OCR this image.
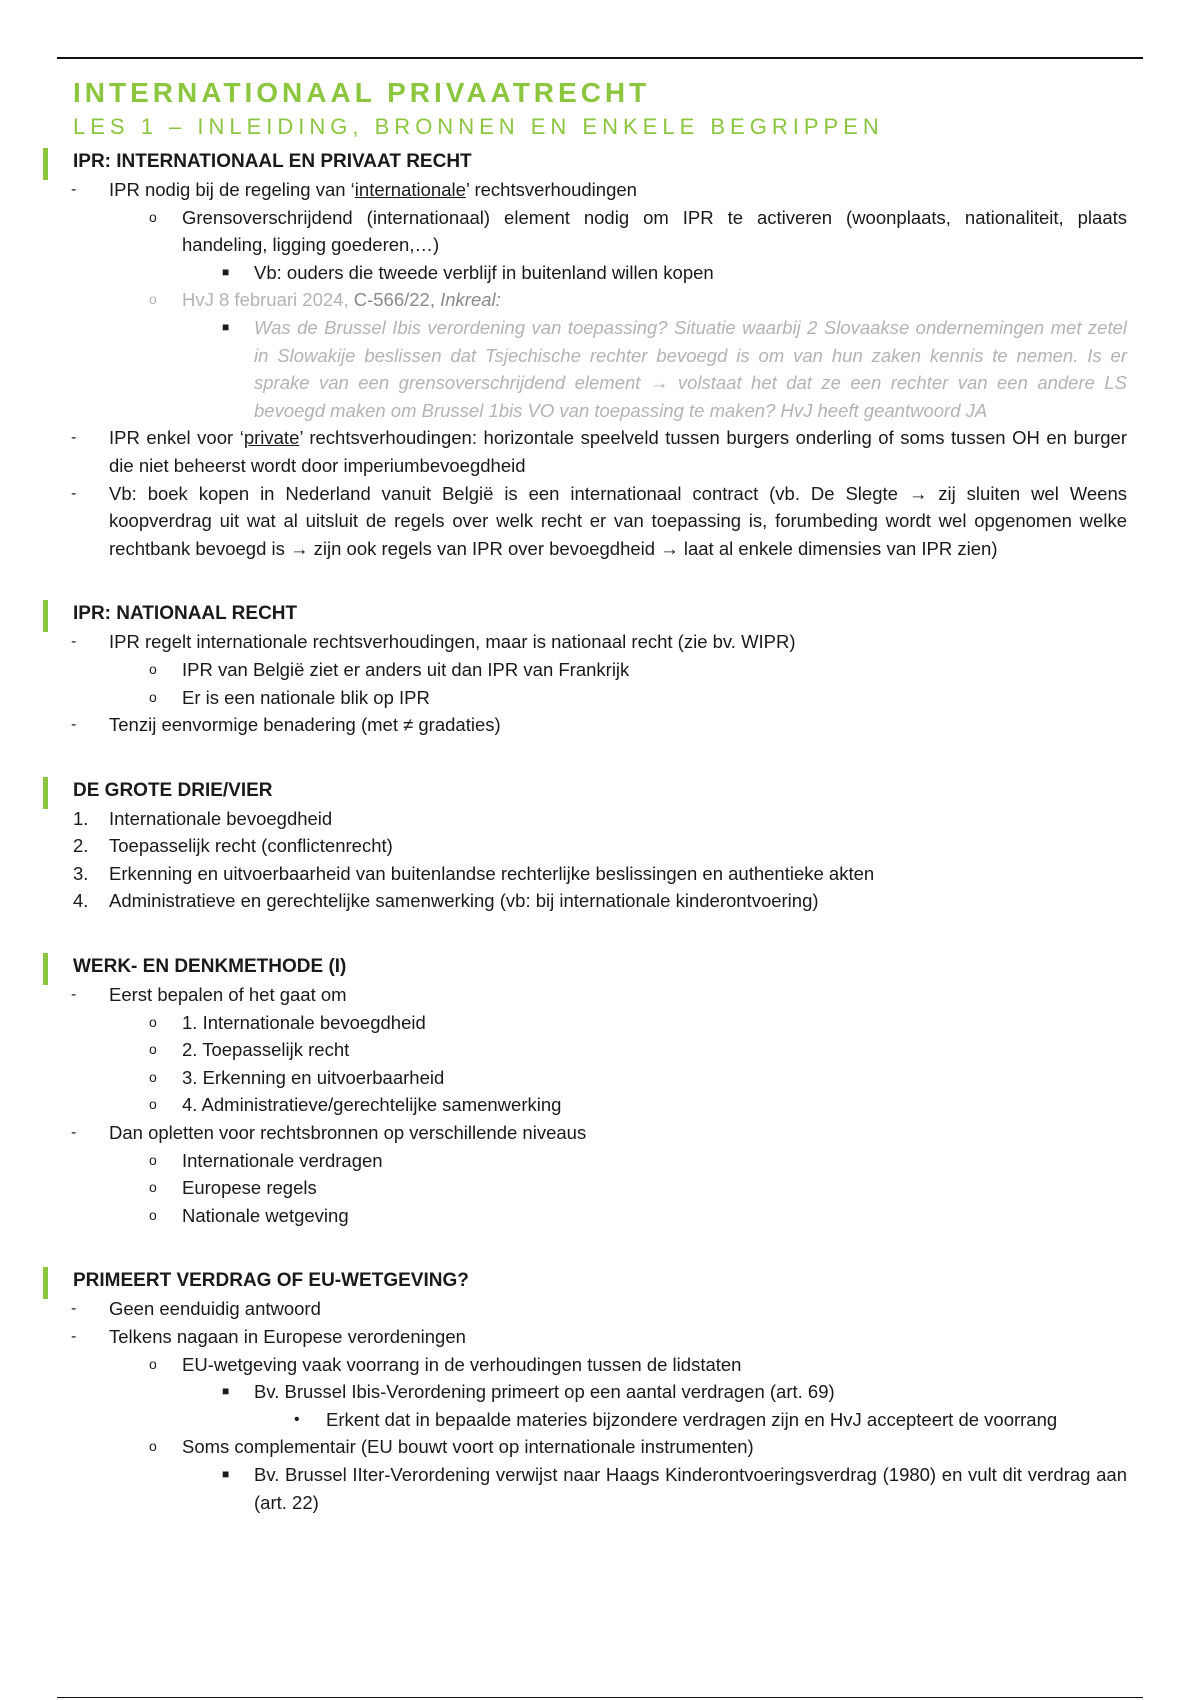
INTERNATIONAAL PRIVAATRECHT
LES 1 – INLEIDING, BRONNEN EN ENKELE BEGRIPPEN
IPR: INTERNATIONAAL EN PRIVAAT RECHT
- IPR nodig bij de regeling van ‘internationale’ rechtsverhoudingen
o Grensoverschrijdend (internationaal) element nodig om IPR te activeren (woonplaats, nationaliteit, plaats handeling, ligging goederen,…)
■ Vb: ouders die tweede verblijf in buitenland willen kopen
o HvJ 8 februari 2024, C-566/22, Inkreal:
■ Was de Brussel Ibis verordening van toepassing? Situatie waarbij 2 Slovaakse ondernemingen met zetel in Slowakije beslissen dat Tsjechische rechter bevoegd is om van hun zaken kennis te nemen. Is er sprake van een grensoverschrijdend element → volstaat het dat ze een rechter van een andere LS bevoegd maken om Brussel 1bis VO van toepassing te maken? HvJ heeft geantwoord JA
- IPR enkel voor ‘private’ rechtsverhoudingen: horizontale speelveld tussen burgers onderling of soms tussen OH en burger die niet beheerst wordt door imperiumbevoegdheid
- Vb: boek kopen in Nederland vanuit België is een internationaal contract (vb. De Slegte → zij sluiten wel Weens koopverdrag uit wat al uitsluit de regels over welk recht er van toepassing is, forumbeding wordt wel opgenomen welke rechtbank bevoegd is → zijn ook regels van IPR over bevoegdheid → laat al enkele dimensies van IPR zien)
IPR: NATIONAAL RECHT
- IPR regelt internationale rechtsverhoudingen, maar is nationaal recht (zie bv. WIPR)
o IPR van België ziet er anders uit dan IPR van Frankrijk
o Er is een nationale blik op IPR
- Tenzij eenvormige benadering (met ≠ gradaties)
DE GROTE DRIE/VIER
1. Internationale bevoegdheid
2. Toepasselijk recht (conflictenrecht)
3. Erkenning en uitvoerbaarheid van buitenlandse rechterlijke beslissingen en authentieke akten
4. Administratieve en gerechtelijke samenwerking (vb: bij internationale kinderontvoering)
WERK- EN DENKMETHODE (I)
- Eerst bepalen of het gaat om
o 1. Internationale bevoegdheid
o 2. Toepasselijk recht
o 3. Erkenning en uitvoerbaarheid
o 4. Administratieve/gerechtelijke samenwerking
- Dan opletten voor rechtsbronnen op verschillende niveaus
o Internationale verdragen
o Europese regels
o Nationale wetgeving
PRIMEERT VERDRAG OF EU-WETGEVING?
- Geen eenduidig antwoord
- Telkens nagaan in Europese verordeningen
o EU-wetgeving vaak voorrang in de verhoudingen tussen de lidstaten
■ Bv. Brussel Ibis-Verordening primeert op een aantal verdragen (art. 69)
• Erkent dat in bepaalde materies bijzondere verdragen zijn en HvJ accepteert de voorrang
o Soms complementair (EU bouwt voort op internationale instrumenten)
■ Bv. Brussel IIter-Verordening verwijst naar Haags Kinderontvoeringsverdrag (1980) en vult dit verdrag aan (art. 22)
